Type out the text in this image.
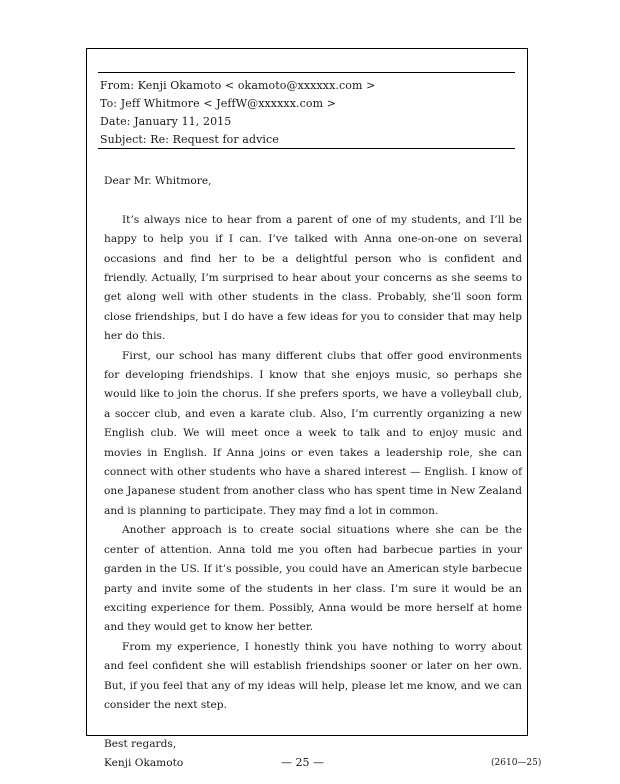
From: Kenji Okamoto < okamoto@xxxxxx.com >
To: Jeff Whitmore < JeffW@xxxxxx.com >
Date: January 11, 2015
Subject: Re: Request for advice
Dear Mr. Whitmore,
It’s always nice to hear from a parent of one of my students, and I’ll be happy to help you if I can. I’ve talked with Anna one-on-one on several occasions and find her to be a delightful person who is confident and friendly. Actually, I’m surprised to hear about your concerns as she seems to get along well with other students in the class. Probably, she’ll soon form close friendships, but I do have a few ideas for you to consider that may help her do this.
First, our school has many different clubs that offer good environments for developing friendships. I know that she enjoys music, so perhaps she would like to join the chorus. If she prefers sports, we have a volleyball club, a soccer club, and even a karate club. Also, I’m currently organizing a new English club. We will meet once a week to talk and to enjoy music and movies in English. If Anna joins or even takes a leadership role, she can connect with other students who have a shared interest — English. I know of one Japanese student from another class who has spent time in New Zealand and is planning to participate. They may find a lot in common.
Another approach is to create social situations where she can be the center of attention. Anna told me you often had barbecue parties in your garden in the US. If it’s possible, you could have an American style barbecue party and invite some of the students in her class. I’m sure it would be an exciting experience for them. Possibly, Anna would be more herself at home and they would get to know her better.
From my experience, I honestly think you have nothing to worry about and feel confident she will establish friendships sooner or later on her own. But, if you feel that any of my ideas will help, please let me know, and we can consider the next step.
Best regards,
Kenji Okamoto	— 25 —	(2610—25)
